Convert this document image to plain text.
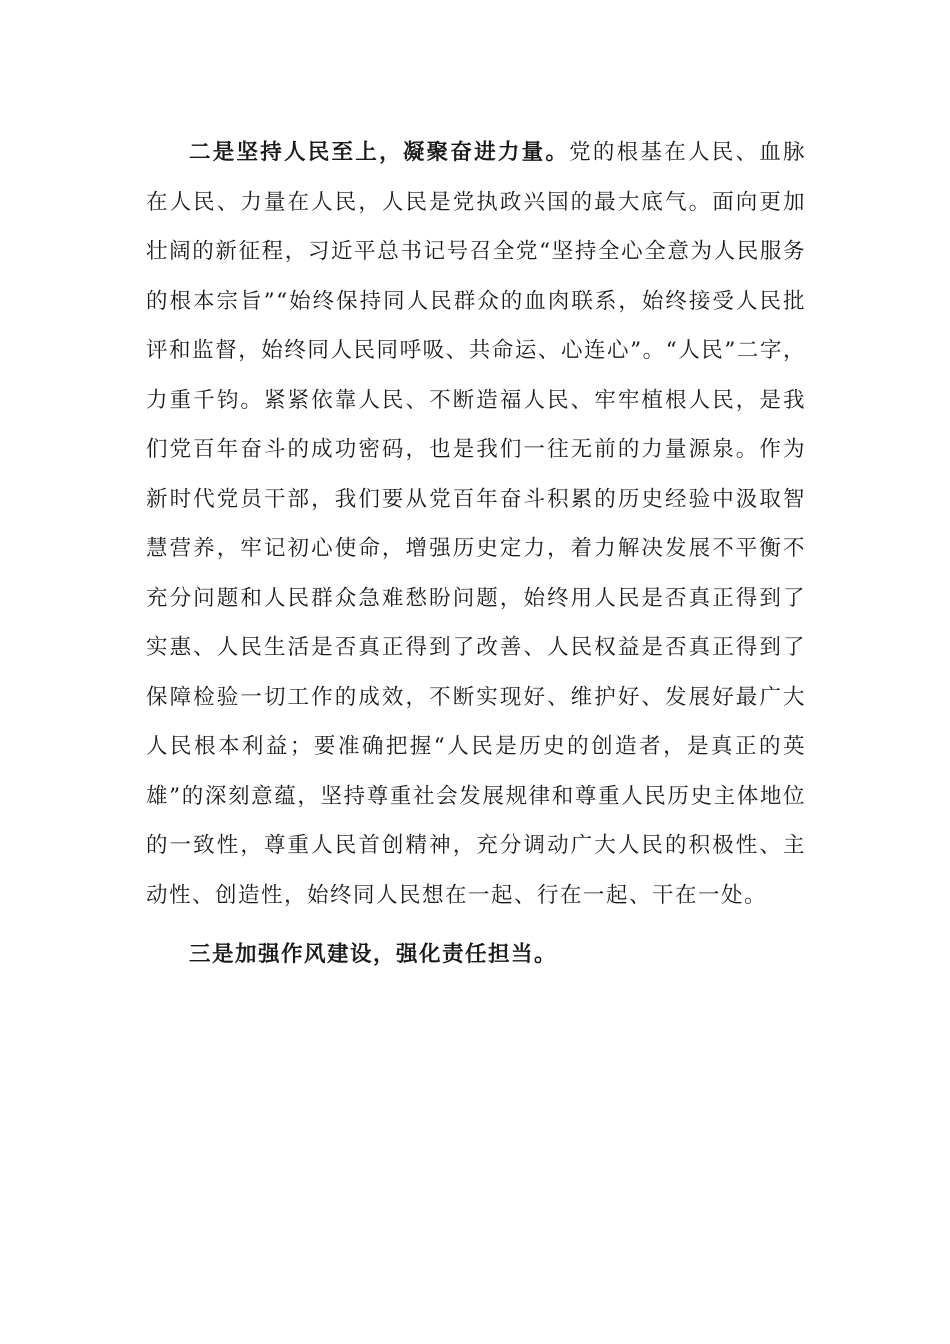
二是坚持人民至上，凝聚奋进力量。党的根基在人民、血脉在人民、力量在人民，人民是党执政兴国的最大底气。面向更加壮阔的新征程，习近平总书记号召全党“坚持全心全意为人民服务的根本宗旨”“始终保持同人民群众的血肉联系，始终接受人民批评和监督，始终同人民同呼吸、共命运、心连心”。“人民”二字，力重千钧。紧紧依靠人民、不断造福人民、牢牢植根人民，是我们党百年奋斗的成功密码，也是我们一往无前的力量源泉。作为新时代党员干部，我们要从党百年奋斗积累的历史经验中汲取智慧营养，牢记初心使命，增强历史定力，着力解决发展不平衡不充分问题和人民群众急难愁盼问题，始终用人民是否真正得到了实惠、人民生活是否真正得到了改善、人民权益是否真正得到了保障检验一切工作的成效，不断实现好、维护好、发展好最广大人民根本利益；要准确把握“人民是历史的创造者，是真正的英雄”的深刻意蕴，坚持尊重社会发展规律和尊重人民历史主体地位的一致性，尊重人民首创精神，充分调动广大人民的积极性、主动性、创造性，始终同人民想在一起、行在一起、干在一处。

三是加强作风建设，强化责任担当。
